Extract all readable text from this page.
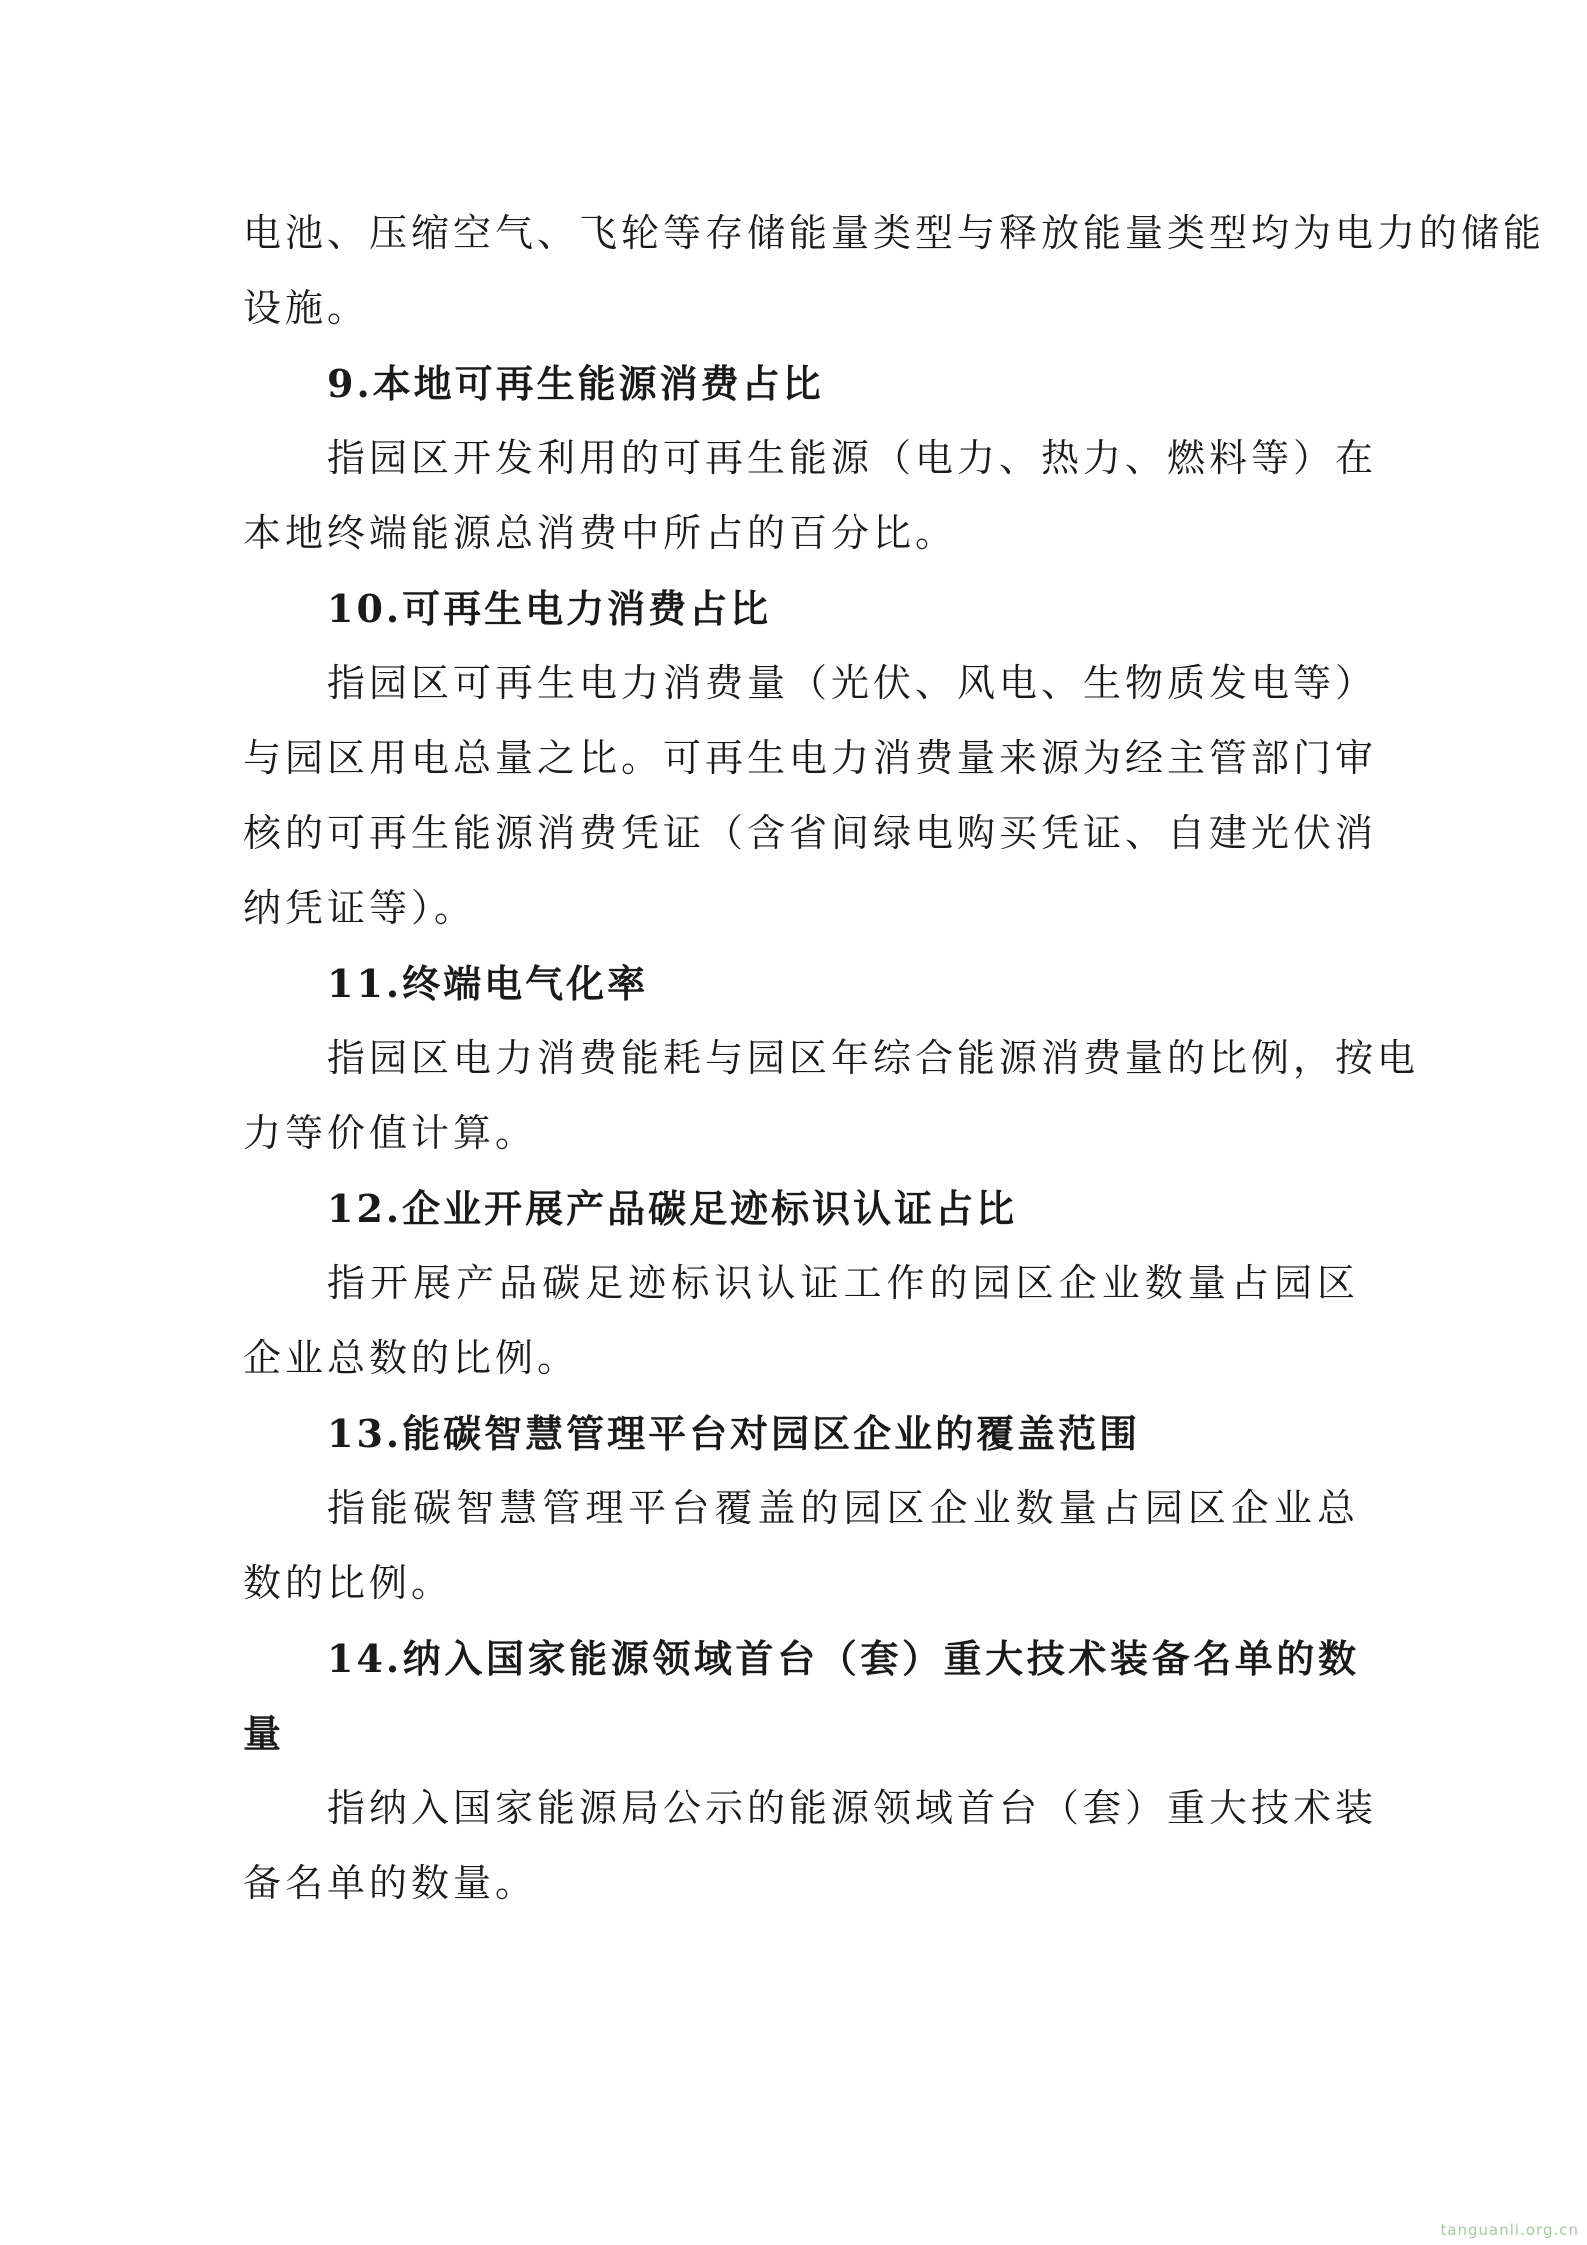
电池、压缩空气、飞轮等存储能量类型与释放能量类型均为电力的储能
设施。
9.本地可再生能源消费占比
指园区开发利用的可再生能源（电力、热力、燃料等）在
本地终端能源总消费中所占的百分比。
10.可再生电力消费占比
指园区可再生电力消费量（光伏、风电、生物质发电等）
与园区用电总量之比。可再生电力消费量来源为经主管部门审
核的可再生能源消费凭证（含省间绿电购买凭证、自建光伏消
纳凭证等）。
11.终端电气化率
指园区电力消费能耗与园区年综合能源消费量的比例，按电
力等价值计算。
12.企业开展产品碳足迹标识认证占比
指开展产品碳足迹标识认证工作的园区企业数量占园区
企业总数的比例。
13.能碳智慧管理平台对园区企业的覆盖范围
指能碳智慧管理平台覆盖的园区企业数量占园区企业总
数的比例。
14.纳入国家能源领域首台（套）重大技术装备名单的数
量
指纳入国家能源局公示的能源领域首台（套）重大技术装
备名单的数量。
tanguanli.org.cn
